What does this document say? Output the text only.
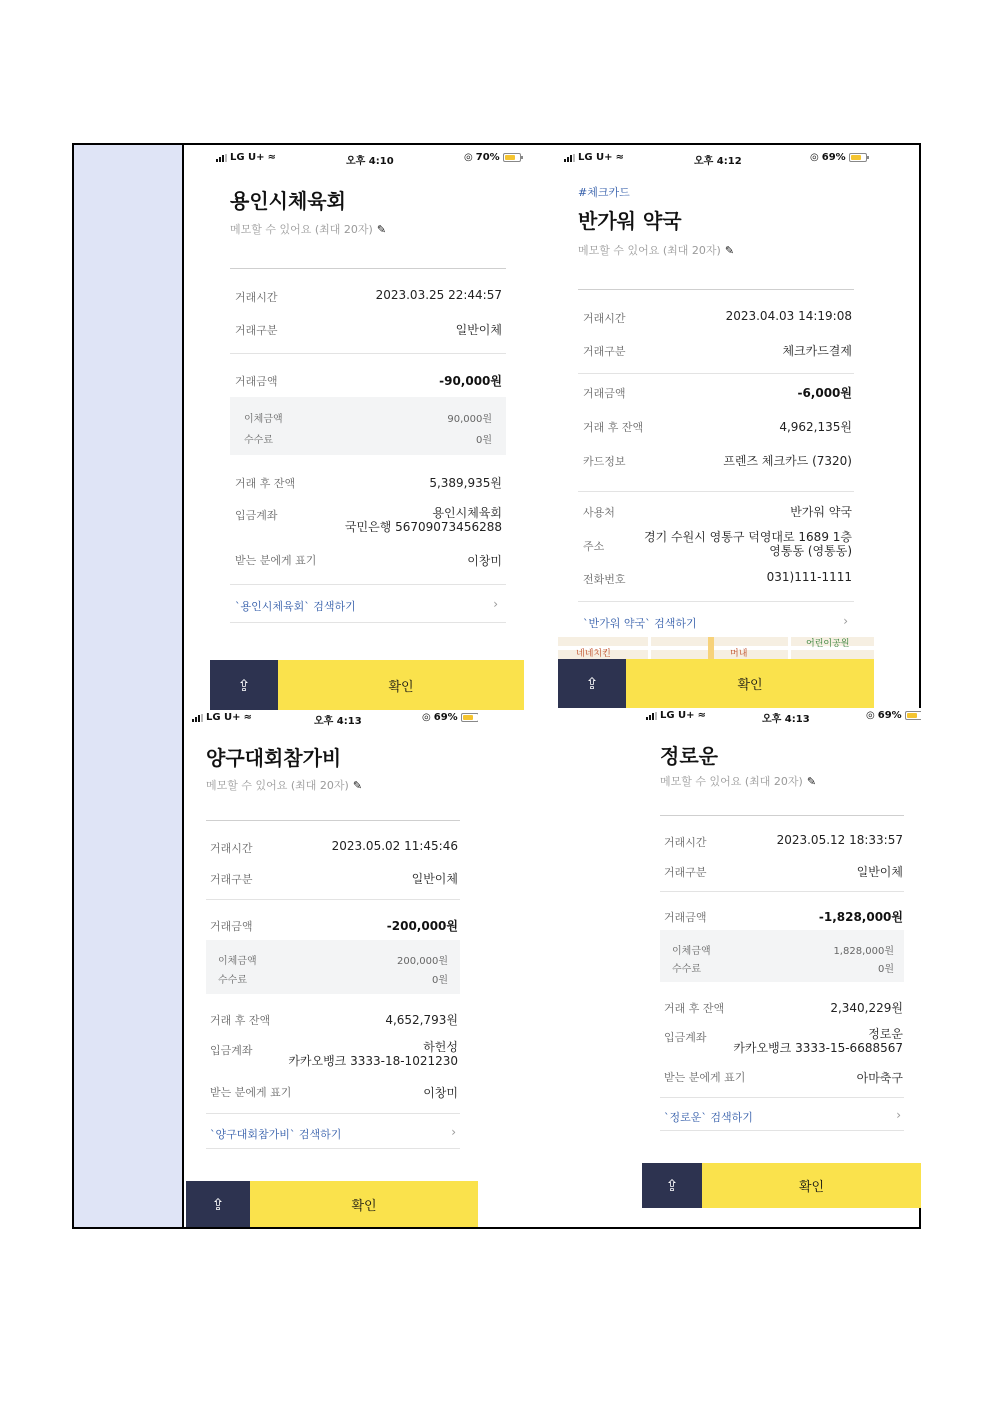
LG U+ ≈	오후 4:10	◎ 70%
용인시체육회
메모할 수 있어요 (최대 20자) ✎
거래시간	2023.03.25 22:44:57
거래구분	일반이체
거래금액	-90,000원
이체금액	90,000원
수수료	0원
거래 후 잔액	5,389,935원
입금계좌	용인시체육회
국민은행 56709073456288
받는 분에게 표기	이창미
`용인시체육회` 검색하기	›
⇪	확인
LG U+ ≈	오후 4:12	◎ 69%
#체크카드
반가워 약국
메모할 수 있어요 (최대 20자) ✎
거래시간	2023.04.03 14:19:08
거래구분	체크카드결제
거래금액	-6,000원
거래 후 잔액	4,962,135원
카드정보	프렌즈 체크카드 (7320)
사용처	반가워 약국
주소
경기 수원시 영통구 덕영대로 1689 1층
영통동 (영통동)
전화번호	031)111-1111
`반가워 약국` 검색하기	›
네네치킨	머내
어린이공원
⇪	확인
LG U+ ≈	오후 4:13	◎ 69%
양구대회참가비
메모할 수 있어요 (최대 20자) ✎
거래시간	2023.05.02 11:45:46
거래구분	일반이체
거래금액	-200,000원
이체금액	200,000원
수수료	0원
거래 후 잔액	4,652,793원
입금계좌	하헌성
카카오뱅크 3333-18-1021230
받는 분에게 표기	이창미
`양구대회참가비` 검색하기	›
⇪	확인
LG U+ ≈	오후 4:13	◎ 69%
정로운
메모할 수 있어요 (최대 20자) ✎
거래시간	2023.05.12 18:33:57
거래구분	일반이체
거래금액	-1,828,000원
이체금액	1,828,000원
수수료	0원
거래 후 잔액	2,340,229원
입금계좌	정로운
카카오뱅크 3333-15-6688567
받는 분에게 표기	아마축구
`정로운` 검색하기	›
⇪	확인
